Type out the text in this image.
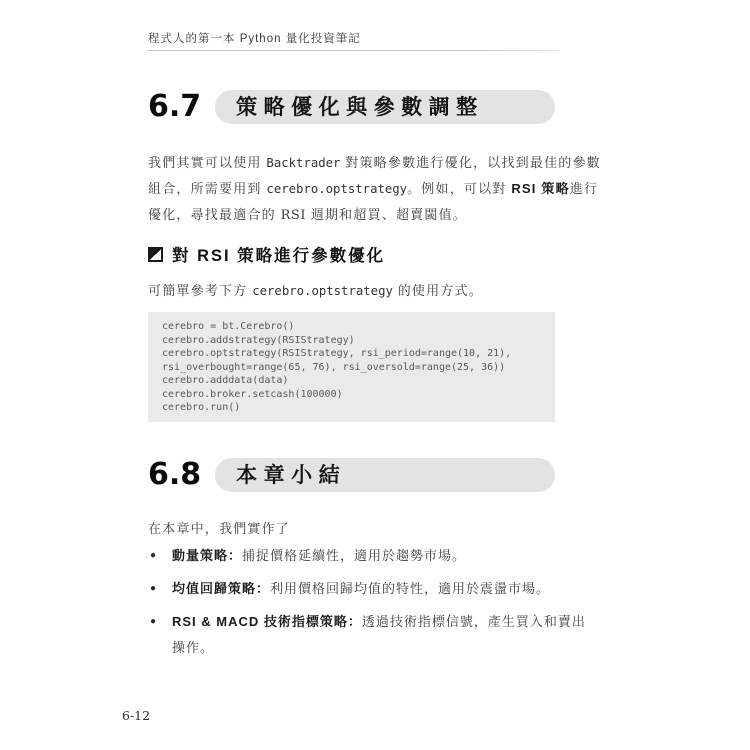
程式人的第一本 Python 量化投資筆記
6.7	策略優化與參數調整
我們其實可以使用 Backtrader 對策略參數進行優化，以找到最佳的參數
組合，所需要用到 cerebro.optstrategy。例如，可以對 RSI 策略進行
優化，尋找最適合的 RSI 週期和超買、超賣閾值。
對 RSI 策略進行參數優化
可簡單參考下方 cerebro.optstrategy 的使用方式。
cerebro = bt.Cerebro()
cerebro.addstrategy(RSIStrategy)
cerebro.optstrategy(RSIStrategy, rsi_period=range(10, 21),
rsi_overbought=range(65, 76), rsi_oversold=range(25, 36))
cerebro.adddata(data)
cerebro.broker.setcash(100000)
cerebro.run()
6.8	本章小結
在本章中，我們實作了
●	動量策略：捕捉價格延續性，適用於趨勢市場。
●	均值回歸策略：利用價格回歸均值的特性，適用於震盪市場。
●	RSI & MACD 技術指標策略：透過技術指標信號，產生買入和賣出
操作。
6-12
